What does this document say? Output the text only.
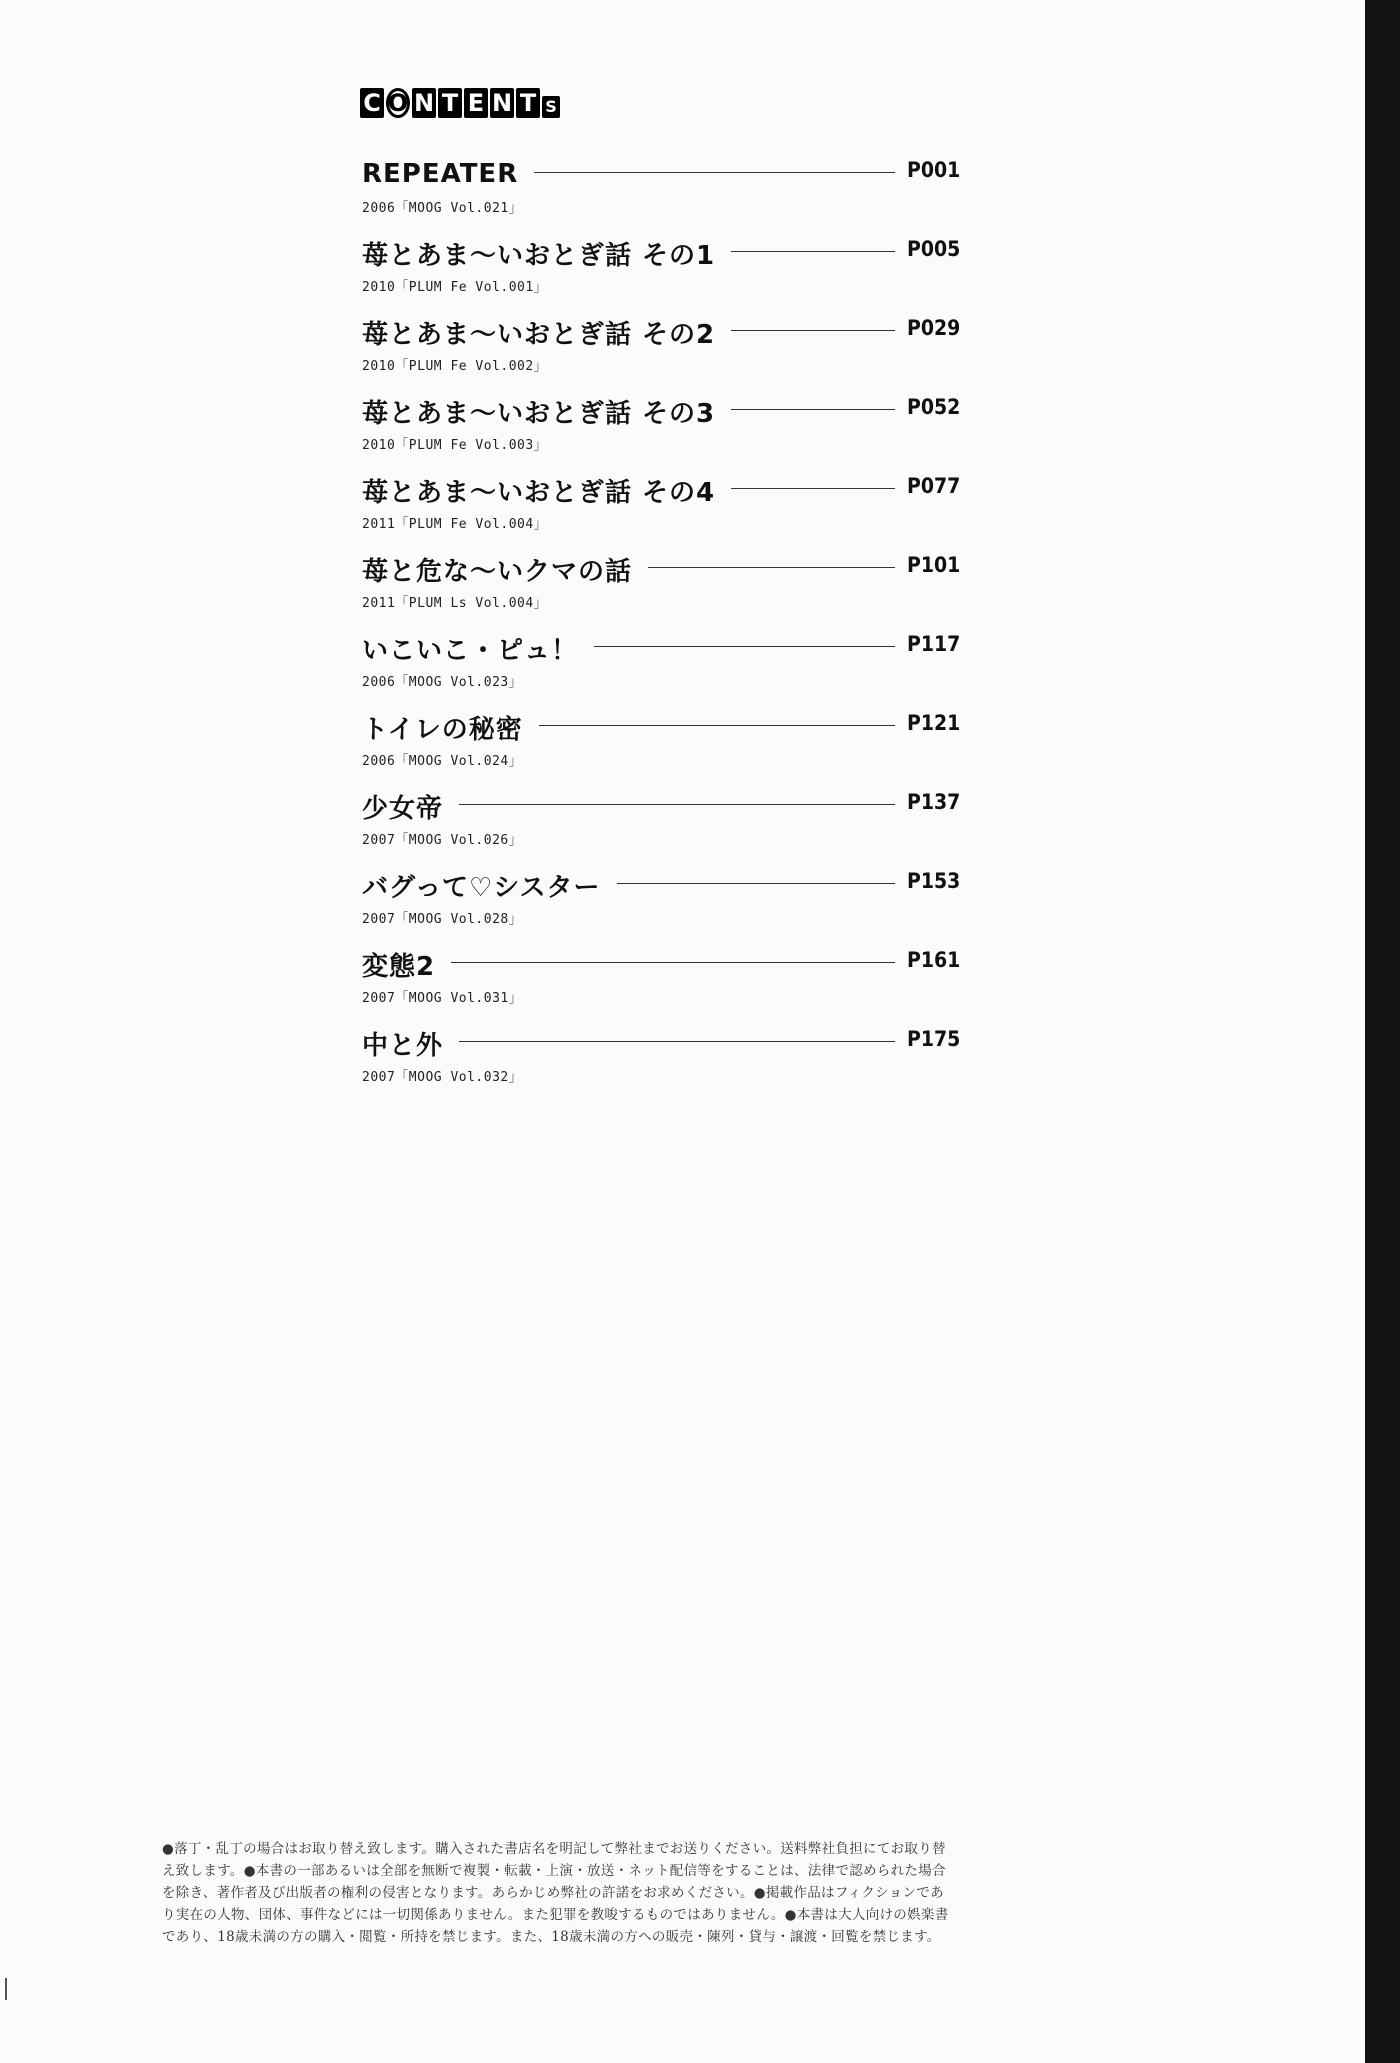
C O N T E N T S
REPEATER	P001
2006「MOOG Vol.021」
苺とあま〜いおとぎ話 その1	P005
2010「PLUM Fe Vol.001」
苺とあま〜いおとぎ話 その2	P029
2010「PLUM Fe Vol.002」
苺とあま〜いおとぎ話 その3	P052
2010「PLUM Fe Vol.003」
苺とあま〜いおとぎ話 その4	P077
2011「PLUM Fe Vol.004」
苺と危な〜いクマの話	P101
2011「PLUM Ls Vol.004」
いこいこ・ピュ！	P117
2006「MOOG Vol.023」
トイレの秘密	P121
2006「MOOG Vol.024」
少女帝	P137
2007「MOOG Vol.026」
バグって♡シスター	P153
2007「MOOG Vol.028」
変態2	P161
2007「MOOG Vol.031」
中と外	P175
2007「MOOG Vol.032」

●落丁・乱丁の場合はお取り替え致します。購入された書店名を明記して弊社までお送りください。送料弊社負担にてお取り替

え致します。●本書の一部あるいは全部を無断で複製・転載・上演・放送・ネット配信等をすることは、法律で認められた場合

を除き、著作者及び出版者の権利の侵害となります。あらかじめ弊社の許諾をお求めください。●掲載作品はフィクションであ

り実在の人物、団体、事件などには一切関係ありません。また犯罪を教唆するものではありません。●本書は大人向けの娯楽書

であり、18歳未満の方の購入・閲覧・所持を禁じます。また、18歳未満の方への販売・陳列・貸与・譲渡・回覧を禁じます。
